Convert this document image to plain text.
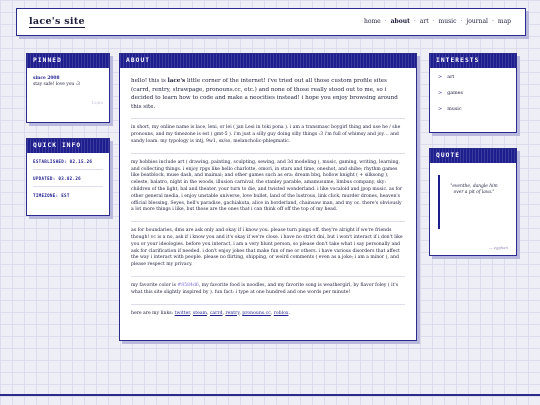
lace's site	home · about · art · music · journal · map
PINNED
since 2008
stay safe! love you :3
12/63
QUICK INFO
ESTABLISHED: 02.15.26
UPDATED: 03.02.26
TIMEZONE: EST
ABOUT

hello! this is lace's little corner of the internet! i've tried out all those custom profile sites (carrd, rentry, strawpage, pronouns.cc, etc.) and none of those really stood out to me, so i decided to learn how to code and make a neocities instead! i hope you enjoy browsing around this site.

in short, my online name is lace, leni, or lei ( jan Lesi in toki pona ). i am a transmasc boygirl thing and use he / she pronouns, and my timezone is est ( gmt-5 ). i'm just a silly guy doing silly things :3 i'm full of whimsy and joy… and sandy loam. my typology is intj, 9w1, sx/so, melancholic-phlegmatic.

my hobbies include art ( drawing, painting, sculpting, sewing, and 3d modeling ), music, gaming, writing, learning, and collecting things. i enjoy rpgs like hello charlotte, omori, in stars and time, oneshot, and shibe; rhythm games like beatblock, muse dash, and maimai; and other games such as era: dream bbq, hollow knight ( + silksong ), celeste, balatro, night in the woods, illusion carnival, the stanley parable, amamusume, limbus company, sky: children of the light, bal and theater, your turn to die, and twisted wonderland. i like vocaloid and jpop music. as for other general media, i enjoy unstable universe, love bullet, land of the lustrous, link click, murder drones, heaven's official blessing, Seyes, hell's paradise, gachiakuta, alice in borderland, chainsaw man, and my oc. there's obviously a lot more things i like, but those are the ones that i can think off off the top of my head.

as for boundaries, dms are ask only and okay if i know you. please turn pings off. they're alright if we're friends though! vc is a no, ask if i know you and it's okay if we're close. i have no strict dni, but i won't interact if i don't like you or your ideologies. before you interact, i am a very blunt person, so please don't take what i say personally and ask for clarification if needed. i don't enjoy jokes that make fun of me or others. i have various disorders that affect the way i interact with people. please no flirting, shipping, or weird comments ( even as a joke; i am a minor ), and please respect my privacy.

my favorite color is #8584d6, my favorite food is noodles, and my favorite song is weathergirl, by flavor foley ( it's what this site slightly inspired by ). fun fact: i type at one hundred and one words per minute!

here are my links: twitter, steam, carrd, rentry, pronouns.cc, roblox.

INTERESTS
> art
> games
> music
QUOTE
"eventhe, dangle him over a pit of lava."
— egghan
